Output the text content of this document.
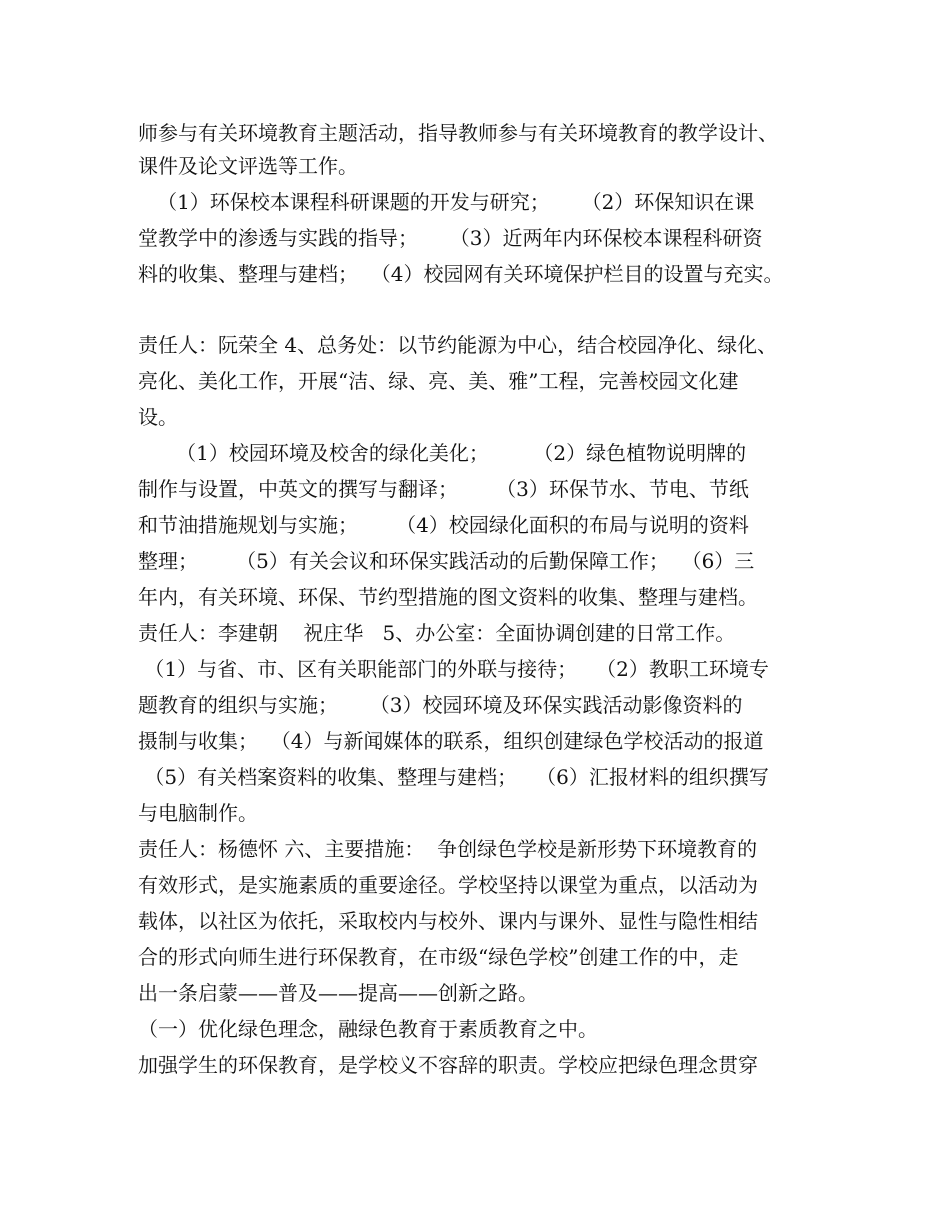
师参与有关环境教育主题活动，指导教师参与有关环境教育的教学设计、
课件及论文评选等工作。
（1）环保校本课程科研课题的开发与研究；     （2）环保知识在课
堂教学中的渗透与实践的指导；     （3）近两年内环保校本课程科研资
料的收集、整理与建档；  （4）校园网有关环境保护栏目的设置与充实。
责任人：阮荣全 4、总务处：以节约能源为中心，结合校园净化、绿化、
亮化、美化工作，开展“洁、绿、亮、美、雅”工程，完善校园文化建
设。
（1）校园环境及校舍的绿化美化；       （2）绿色植物说明牌的
制作与设置，中英文的撰写与翻译；      （3）环保节水、节电、节纸
和节油措施规划与实施；      （4）校园绿化面积的布局与说明的资料
整理；      （5）有关会议和环保实践活动的后勤保障工作；  （6）三
年内，有关环境、环保、节约型措施的图文资料的收集、整理与建档。
责任人：李建朝    祝庄华   5、办公室：全面协调创建的日常工作。
（1）与省、市、区有关职能部门的外联与接待；   （2）教职工环境专
题教育的组织与实施；     （3）校园环境及环保实践活动影像资料的
摄制与收集；  （4）与新闻媒体的联系，组织创建绿色学校活动的报道
（5）有关档案资料的收集、整理与建档；   （6）汇报材料的组织撰写
与电脑制作。
责任人：杨德怀 六、主要措施：  争创绿色学校是新形势下环境教育的
有效形式，是实施素质的重要途径。学校坚持以课堂为重点，以活动为
载体，以社区为依托，采取校内与校外、课内与课外、显性与隐性相结
合的形式向师生进行环保教育，在市级“绿色学校”创建工作的中，走
出一条启蒙——普及——提高——创新之路。
（一）优化绿色理念，融绿色教育于素质教育之中。
加强学生的环保教育，是学校义不容辞的职责。学校应把绿色理念贯穿
